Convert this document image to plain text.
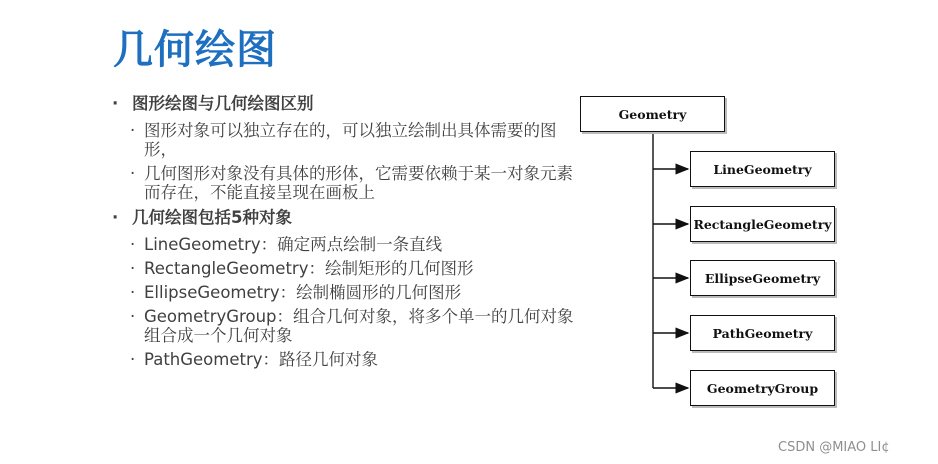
几何绘图
· 图形绘图与几何绘图区别
· 图形对象可以独立存在的，可以独立绘制出具体需要的图形，
· 几何图形对象没有具体的形体，它需要依赖于某一对象元素而存在，不能直接呈现在画板上
· 几何绘图包括5种对象
· LineGeometry：确定两点绘制一条直线
· RectangleGeometry：绘制矩形的几何图形
· EllipseGeometry：绘制椭圆形的几何图形
· GeometryGroup：组合几何对象，将多个单一的几何对象组合成一个几何对象
· PathGeometry：路径几何对象
Geometry
LineGeometry
RectangleGeometry
EllipseGeometry
PathGeometry
GeometryGroup
CSDN @MIAO LI¢
